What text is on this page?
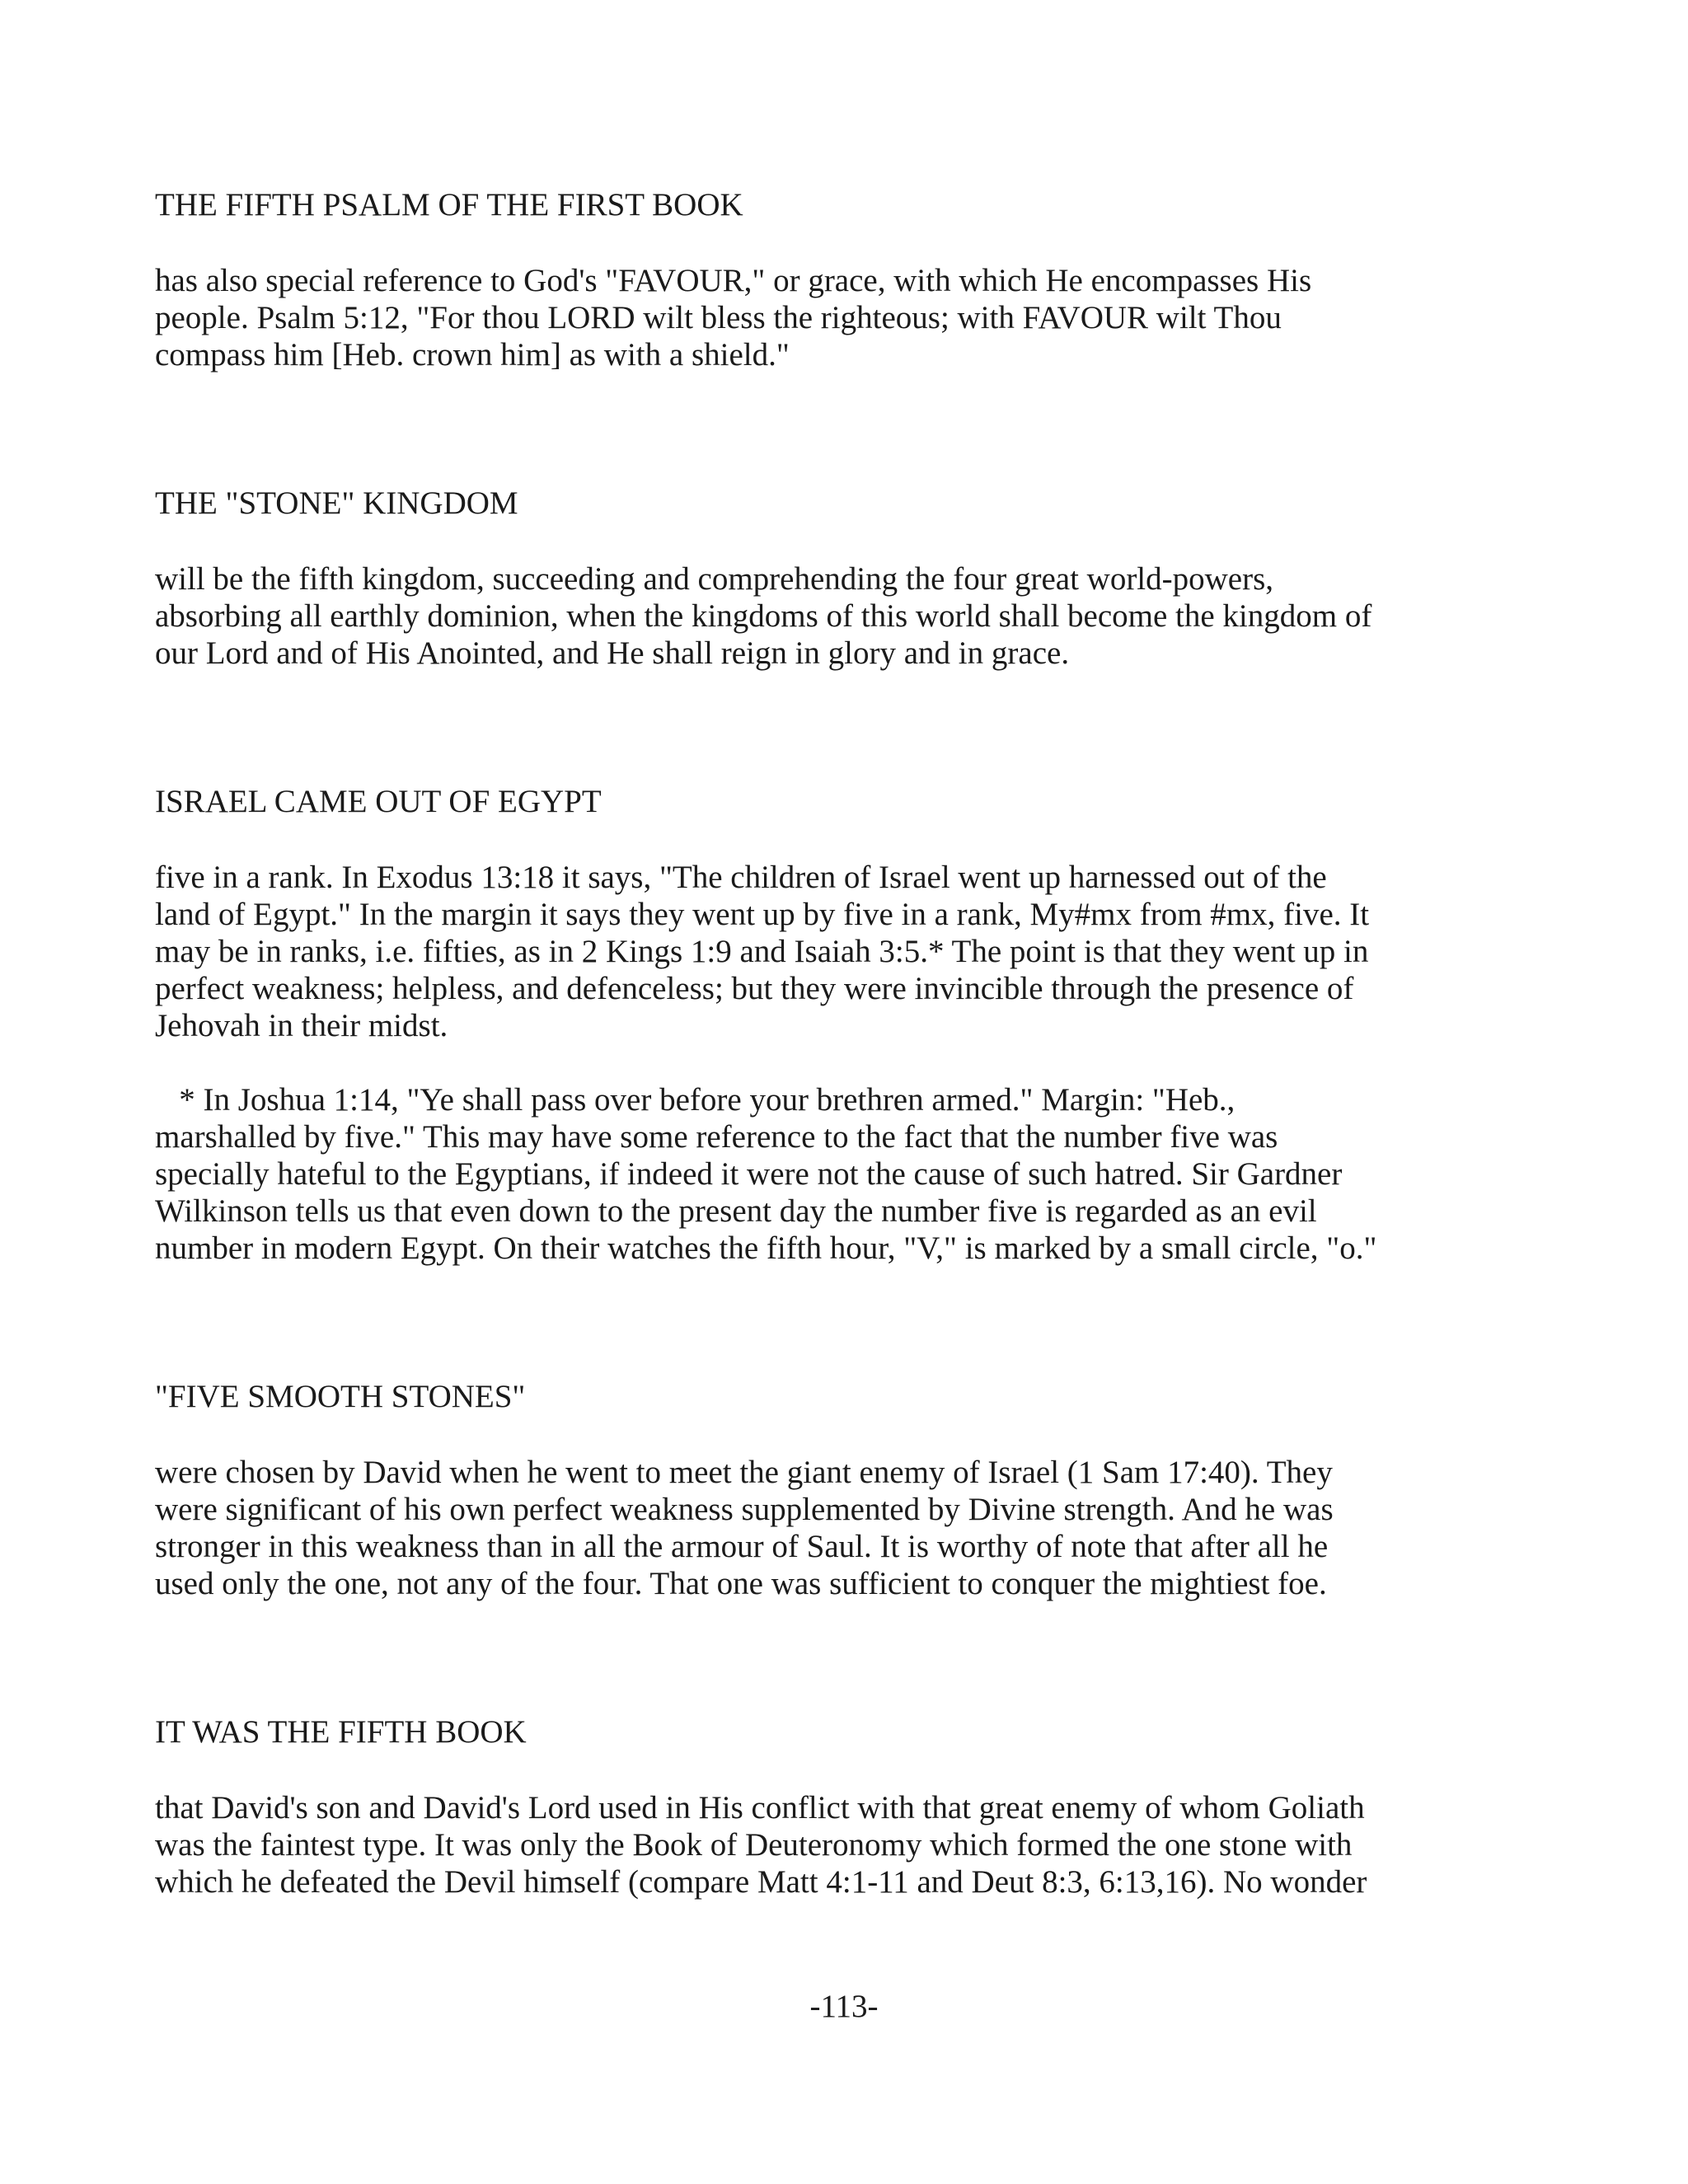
THE FIFTH PSALM OF THE FIRST BOOK

has also special reference to God's "FAVOUR," or grace, with which He encompasses His

people. Psalm 5:12, "For thou LORD wilt bless the righteous; with FAVOUR wilt Thou

compass him [Heb. crown him] as with a shield."

THE "STONE" KINGDOM

will be the fifth kingdom, succeeding and comprehending the four great world-powers,

absorbing all earthly dominion, when the kingdoms of this world shall become the kingdom of

our Lord and of His Anointed, and He shall reign in glory and in grace.

ISRAEL CAME OUT OF EGYPT

five in a rank. In Exodus 13:18 it says, "The children of Israel went up harnessed out of the

land of Egypt." In the margin it says they went up by five in a rank, My#mx from #mx, five. It

may be in ranks, i.e. fifties, as in 2 Kings 1:9 and Isaiah 3:5.* The point is that they went up in

perfect weakness; helpless, and defenceless; but they were invincible through the presence of

Jehovah in their midst.

* In Joshua 1:14, "Ye shall pass over before your brethren armed." Margin: "Heb.,

marshalled by five." This may have some reference to the fact that the number five was

specially hateful to the Egyptians, if indeed it were not the cause of such hatred. Sir Gardner

Wilkinson tells us that even down to the present day the number five is regarded as an evil

number in modern Egypt. On their watches the fifth hour, "V," is marked by a small circle, "o."

"FIVE SMOOTH STONES"

were chosen by David when he went to meet the giant enemy of Israel (1 Sam 17:40). They

were significant of his own perfect weakness supplemented by Divine strength. And he was

stronger in this weakness than in all the armour of Saul. It is worthy of note that after all he

used only the one, not any of the four. That one was sufficient to conquer the mightiest foe.

IT WAS THE FIFTH BOOK

that David's son and David's Lord used in His conflict with that great enemy of whom Goliath

was the faintest type. It was only the Book of Deuteronomy which formed the one stone with

which he defeated the Devil himself (compare Matt 4:1-11 and Deut 8:3, 6:13,16). No wonder

-113-
